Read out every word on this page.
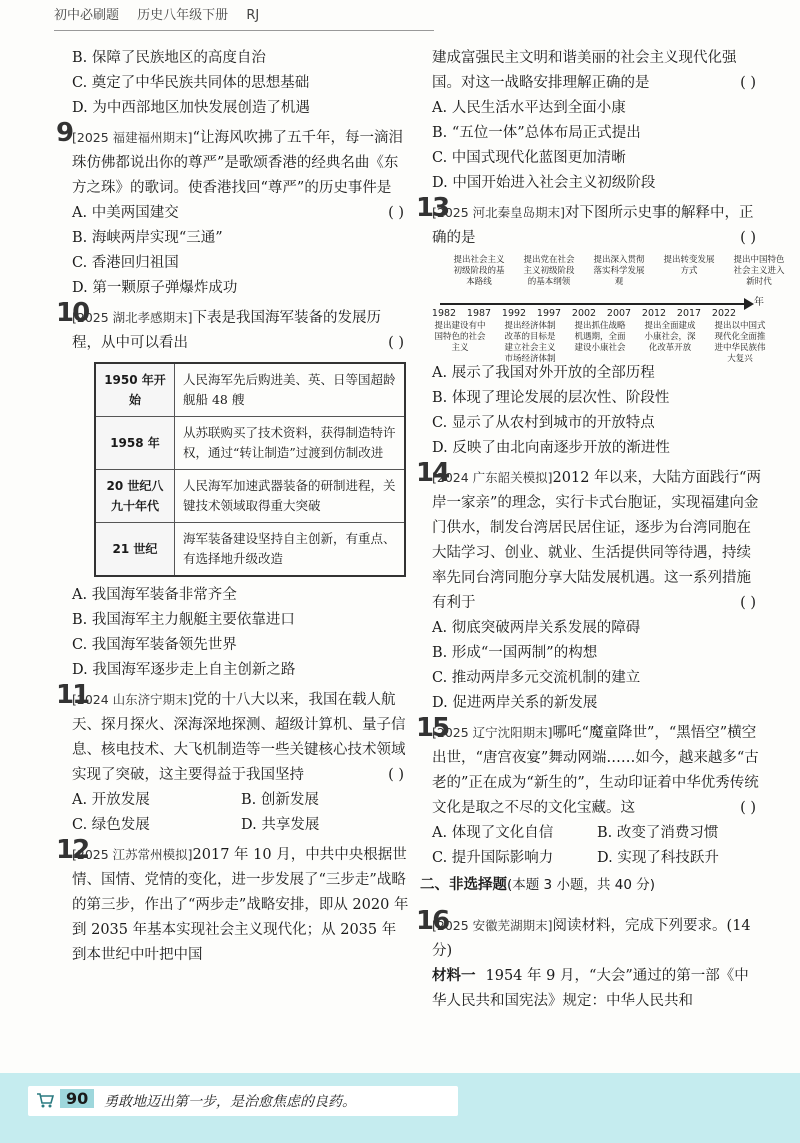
初中必刷题 历史八年级下册 RJ

B. 保障了民族地区的高度自治

C. 奠定了中华民族共同体的思想基础

D. 为中西部地区加快发展创造了机遇

9 [2025 福建福州期末]“让海风吹拂了五千年，每一滴泪珠仿佛都说出你的尊严”是歌颂香港的经典名曲《东方之珠》的歌词。使香港找回“尊严”的历史事件是
( )

A. 中美两国建交

B. 海峡两岸实现“三通”

C. 香港回归祖国

D. 第一颗原子弹爆炸成功

10

[2025 湖北孝感期末]下表是我国海军装备的发展历程，从中可以看出	( )

1950 年开始	人民海军先后购进美、英、日等国超龄舰船 48 艘
1958 年	从苏联购买了技术资料，获得制造特许权，通过“转让制造”过渡到仿制改进
20 世纪八九十年代	人民海军加速武器装备的研制进程，关键技术领域取得重大突破
21 世纪	海军装备建设坚持自主创新，有重点、有选择地升级改造

A. 我国海军装备非常齐全

B. 我国海军主力舰艇主要依靠进口

C. 我国海军装备领先世界

D. 我国海军逐步走上自主创新之路

11

[2024 山东济宁期末]党的十八大以来，我国在载人航天、探月探火、深海深地探测、超级计算机、量子信息、核电技术、大飞机制造等一些关键核心技术领域实现了突破，这主要得益于我国坚持	( )

A. 开放发展	B. 创新发展

C. 绿色发展	D. 共享发展

12

[2025 江苏常州模拟]2017 年 10 月，中共中央根据世情、国情、党情的变化，进一步发展了“三步走”战略的第三步，作出了“两步走”战略安排，即从 2020 年到 2035 年基本实现社会主义现代化；从 2035 年到本世纪中叶把中国

建成富强民主文明和谐美丽的社会主义现代化强国。对这一战略安排理解正确的是	( )

A. 人民生活水平达到全面小康

B. “五位一体”总体布局正式提出

C. 中国式现代化蓝图更加清晰

D. 中国开始进入社会主义初级阶段

13

[2025 河北秦皇岛期末]对下图所示史事的解释中，正确的是	( )

年
1982	1987	1992	1997	2002	2007	2012	2017	2022
提出社会主义初级阶段的基本路线
提出党在社会主义初级阶段的基本纲领
提出深入贯彻落实科学发展观
提出转变发展方式
提出中国特色社会主义进入新时代
提出建设有中国特色的社会主义
提出经济体制改革的目标是建立社会主义市场经济体制
提出抓住战略机遇期，全面建设小康社会
提出全面建成小康社会，深化改革开放
提出以中国式现代化全面推进中华民族伟大复兴

A. 展示了我国对外开放的全部历程

B. 体现了理论发展的层次性、阶段性

C. 显示了从农村到城市的开放特点

D. 反映了由北向南逐步开放的渐进性

14

[2024 广东韶关模拟]2012 年以来，大陆方面践行“两岸一家亲”的理念，实行卡式台胞证，实现福建向金门供水，制发台湾居民居住证，逐步为台湾同胞在大陆学习、创业、就业、生活提供同等待遇，持续率先同台湾同胞分享大陆发展机遇。这一系列措施有利于	( )

A. 彻底突破两岸关系发展的障碍

B. 形成“一国两制”的构想

C. 推动两岸多元交流机制的建立

D. 促进两岸关系的新发展

15

[2025 辽宁沈阳期末]哪吒“魔童降世”，“黑悟空”横空出世，“唐宫夜宴”舞动网端……如今，越来越多“古老的”正在成为“新生的”，生动印证着中华优秀传统文化是取之不尽的文化宝藏。这	( )

A. 体现了文化自信	B. 改变了消费习惯

C. 提升国际影响力	D. 实现了科技跃升

二、非选择题(本题 3 小题，共 40 分)

16

[2025 安徽芜湖期末]阅读材料，完成下列要求。(14 分)

材料一 1954 年 9 月，“大会”通过的第一部《中华人民共和国宪法》规定：中华人民共和

90	勇敢地迈出第一步，是治愈焦虑的良药。
